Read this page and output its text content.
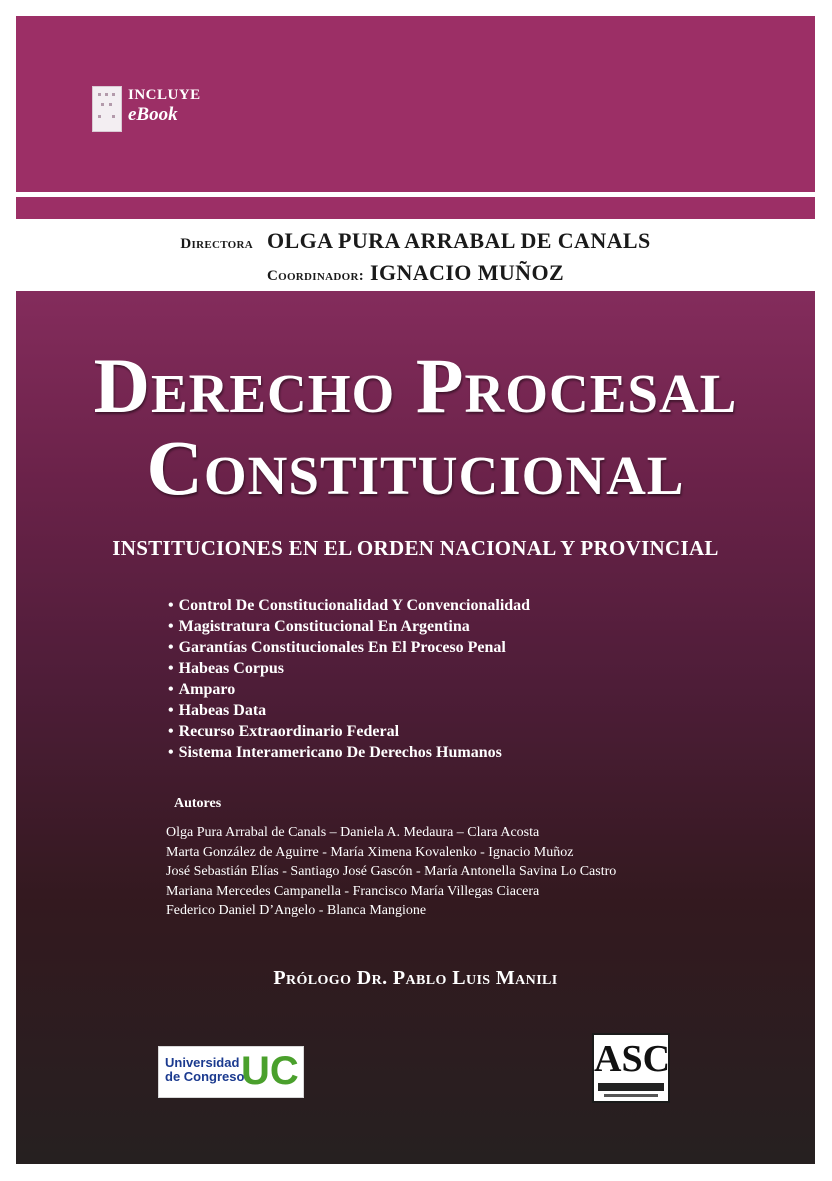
INCLUYE
eBook
Directora OLGA PURA ARRABAL DE CANALS
Coordinador: IGNACIO MUÑOZ
Derecho Procesal
Constitucional
INSTITUCIONES EN EL ORDEN NACIONAL Y PROVINCIAL
• Control De Constitucionalidad Y Convencionalidad
• Magistratura Constitucional En Argentina
• Garantías Constitucionales En El Proceso Penal
• Habeas Corpus
• Amparo
• Habeas Data
• Recurso Extraordinario Federal
• Sistema Interamericano De Derechos Humanos
Autores
Olga Pura Arrabal de Canals – Daniela A. Medaura – Clara Acosta
Marta González de Aguirre - María Ximena Kovalenko - Ignacio Muñoz
José Sebastián Elías - Santiago José Gascón - María Antonella Savina Lo Castro
Mariana Mercedes Campanella - Francisco María Villegas Ciacera
Federico Daniel D’Angelo - Blanca Mangione
Prólogo Dr. Pablo Luis Manili
Universidad
de Congreso
UC	ASC
